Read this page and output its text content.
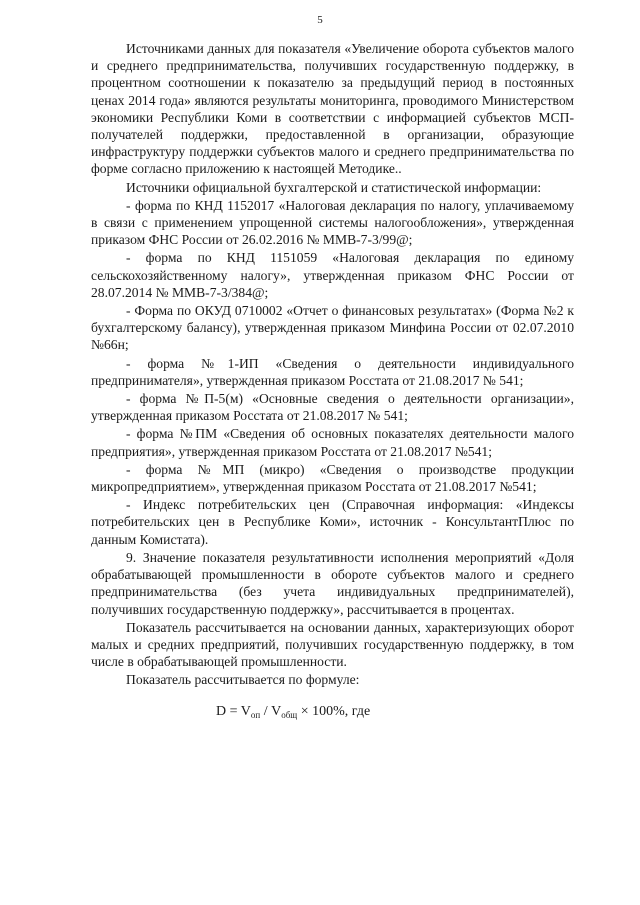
5

Источниками данных для показателя «Увеличение оборота субъектов малого и среднего предпринимательства, получивших государственную поддержку, в процентном соотношении к показателю за предыдущий период в постоянных ценах 2014 года» являются результаты мониторинга, проводимого Министерством экономики Республики Коми в соответствии с информацией субъектов МСП-получателей поддержки, предоставленной в организации, образующие инфраструктуру поддержки субъектов малого и среднего предпринимательства по форме согласно приложению к настоящей Методике..

Источники официальной бухгалтерской и статистической информации:

- форма по КНД 1152017 «Налоговая декларация по налогу, уплачиваемому в связи с применением упрощенной системы налогообложения», утвержденная приказом ФНС России от 26.02.2016 № ММВ-7-3/99@;

- форма по КНД 1151059 «Налоговая декларация по единому сельскохозяйственному налогу», утвержденная приказом ФНС России от 28.07.2014 № ММВ-7-3/384@;

- Форма по ОКУД 0710002 «Отчет о финансовых результатах» (Форма №2 к бухгалтерскому балансу), утвержденная приказом Минфина России от 02.07.2010 №66н;

- форма №1-ИП «Сведения о деятельности индивидуального предпринимателя», утвержденная приказом Росстата от 21.08.2017 № 541;

- форма №П-5(м) «Основные сведения о деятельности организации», утвержденная приказом Росстата от 21.08.2017 № 541;

- форма №ПМ «Сведения об основных показателях деятельности малого предприятия», утвержденная приказом Росстата от 21.08.2017 №541;

- форма №МП (микро) «Сведения о производстве продукции микропредприятием», утвержденная приказом Росстата от 21.08.2017 №541;

- Индекс потребительских цен (Справочная информация: «Индексы потребительских цен в Республике Коми», источник - КонсультантПлюс по данным Комистата).

9. Значение показателя результативности исполнения мероприятий «Доля обрабатывающей промышленности в обороте субъектов малого и среднего предпринимательства (без учета индивидуальных предпринимателей), получивших государственную поддержку», рассчитывается в процентах.

Показатель рассчитывается на основании данных, характеризующих оборот малых и средних предприятий, получивших государственную поддержку, в том числе в обрабатывающей промышленности.

Показатель рассчитывается по формуле:

$D = V_{оп} / V_{общ} \times 100\%$, где
